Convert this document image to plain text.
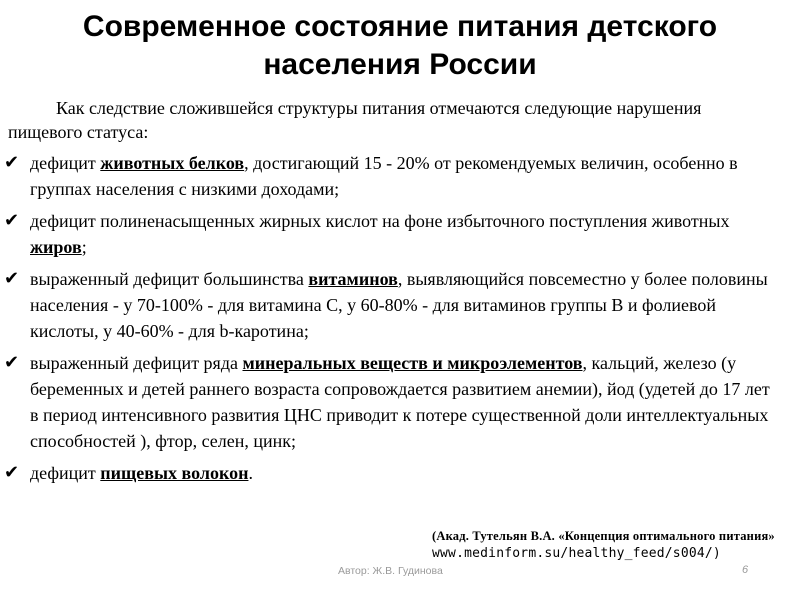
Современное состояние питания детского населения России
Как следствие сложившейся структуры питания отмечаются следующие нарушения пищевого статуса:
✔ дефицит животных белков, достигающий 15 - 20% от рекомендуемых величин, особенно в группах населения с низкими доходами;
✔ дефицит полиненасыщенных жирных кислот на фоне избыточного поступления животных жиров;
✔ выраженный дефицит большинства витаминов, выявляющийся повсеместно у более половины населения - у 70-100% - для витамина С, у 60-80% - для витаминов группы В и фолиевой кислоты, у 40-60% - для b-каротина;
✔ выраженный дефицит ряда минеральных веществ и микроэлементов, кальций, железо (у беременных и детей раннего возраста сопровождается развитием анемии), йод (удетей до 17 лет в период интенсивного развития ЦНС приводит к потере существенной доли интеллектуальных способностей ), фтор, селен, цинк;
✔ дефицит пищевых волокон.
(Акад. Тутельян В.А. «Концепция оптимального питания»
www.medinform.su/healthy_feed/s004/)
Автор: Ж.В. Гудинова	6
